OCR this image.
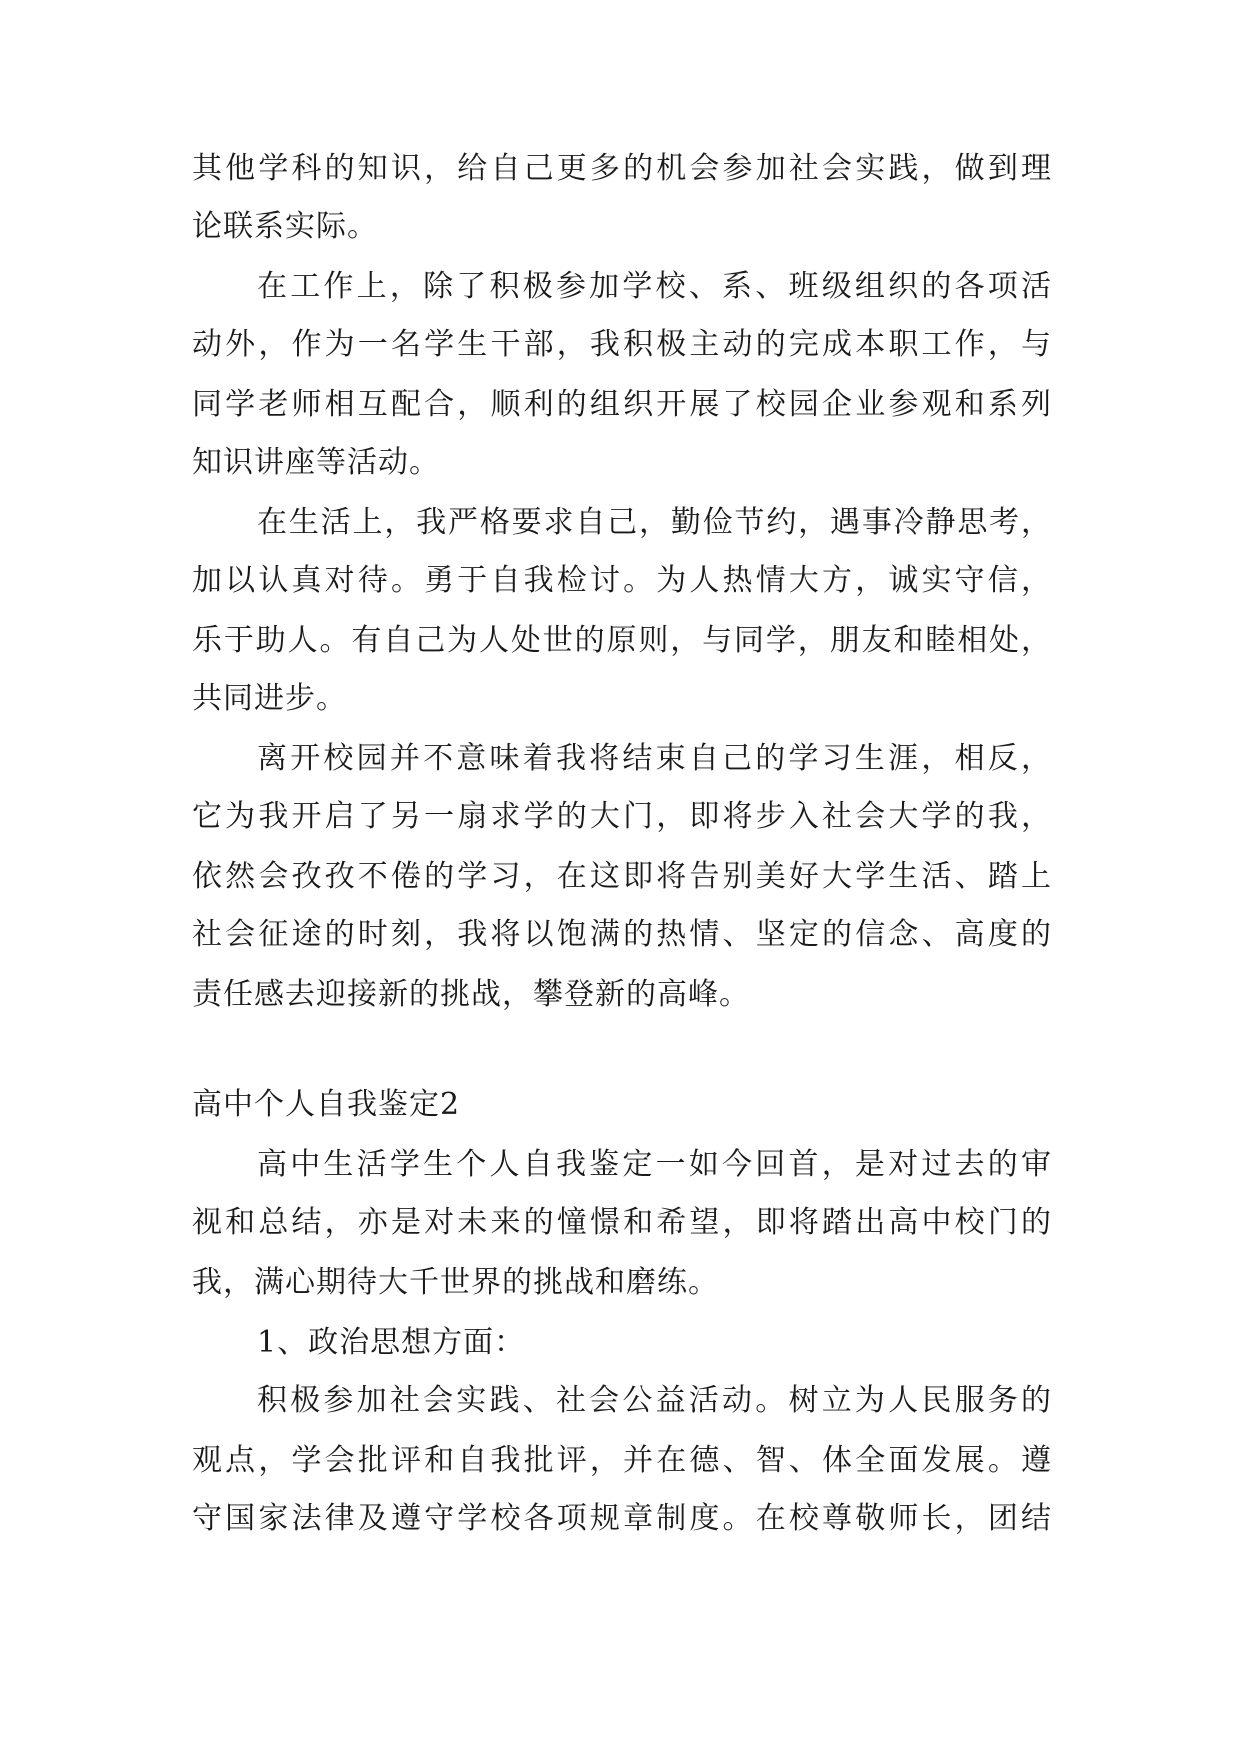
其他学科的知识，给自己更多的机会参加社会实践，做到理
论联系实际。
在工作上，除了积极参加学校、系、班级组织的各项活
动外，作为一名学生干部，我积极主动的完成本职工作，与
同学老师相互配合，顺利的组织开展了校园企业参观和系列
知识讲座等活动。
在生活上，我严格要求自己，勤俭节约，遇事冷静思考，
加以认真对待。勇于自我检讨。为人热情大方，诚实守信，
乐于助人。有自己为人处世的原则，与同学，朋友和睦相处，
共同进步。
离开校园并不意味着我将结束自己的学习生涯，相反，
它为我开启了另一扇求学的大门，即将步入社会大学的我，
依然会孜孜不倦的学习，在这即将告别美好大学生活、踏上
社会征途的时刻，我将以饱满的热情、坚定的信念、高度的
责任感去迎接新的挑战，攀登新的高峰。
高中个人自我鉴定2
高中生活学生个人自我鉴定一如今回首，是对过去的审
视和总结，亦是对未来的憧憬和希望，即将踏出高中校门的
我，满心期待大千世界的挑战和磨练。
1、政治思想方面：
积极参加社会实践、社会公益活动。树立为人民服务的
观点，学会批评和自我批评，并在德、智、体全面发展。遵
守国家法律及遵守学校各项规章制度。在校尊敬师长，团结
